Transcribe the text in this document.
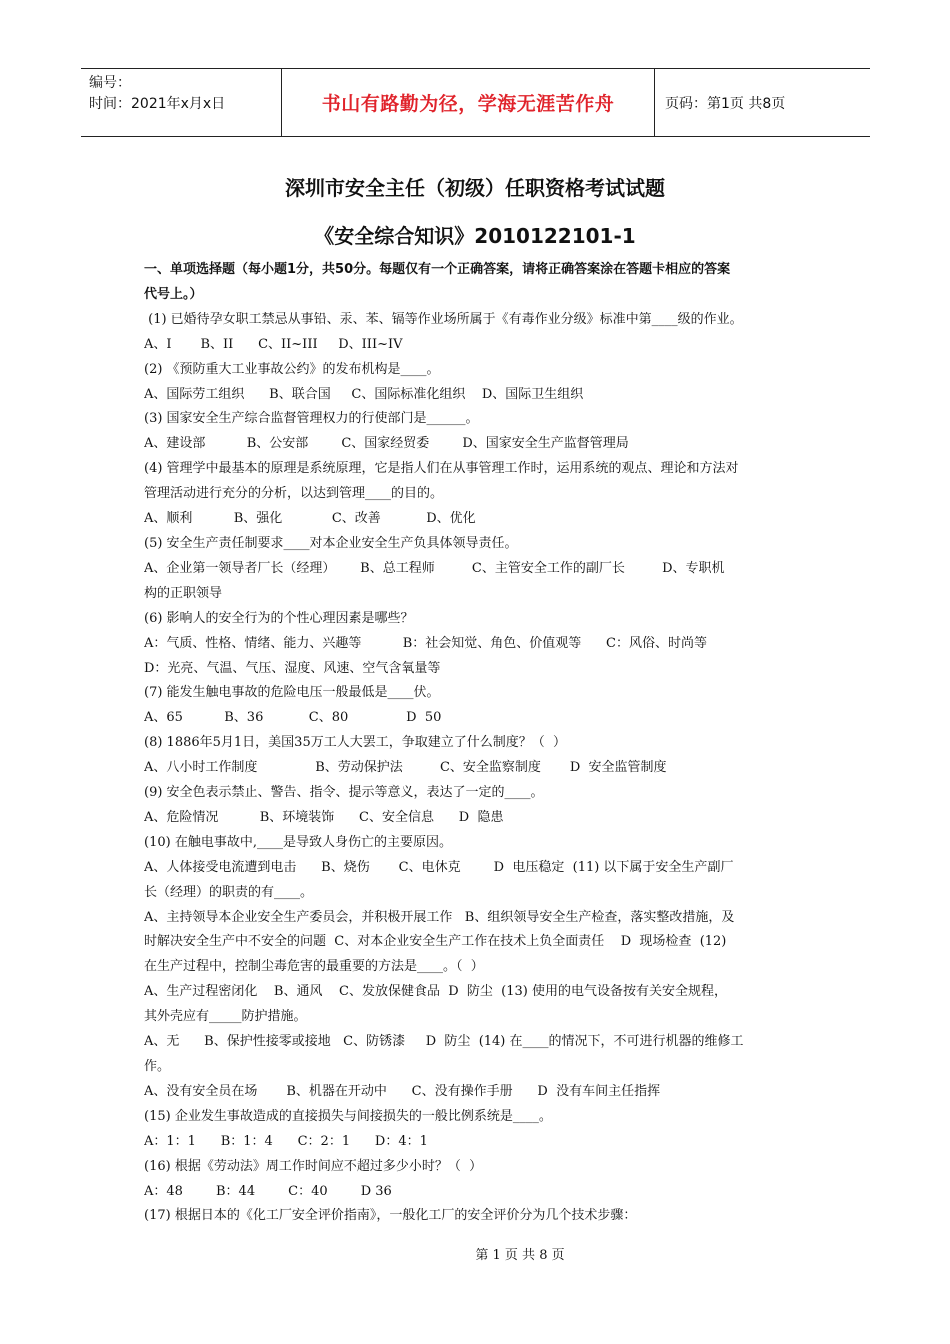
编号：
时间：2021年x月x日	书山有路勤为径，学海无涯苦作舟	页码：第1页 共8页
深圳市安全主任（初级）任职资格考试试题
《安全综合知识》2010122101-1
一、单项选择题（每小题1分，共50分。每题仅有一个正确答案，请将正确答案涂在答题卡相应的答案
代号上。）
(1) 已婚待孕女职工禁忌从事铅、汞、苯、镉等作业场所属于《有毒作业分级》标准中第____级的作业。
A、I       B、II      C、II~III     D、III~IV
(2) 《预防重大工业事故公约》的发布机构是____。
A、国际劳工组织      B、联合国     C、国际标准化组织    D、国际卫生组织
(3) 国家安全生产综合监督管理权力的行使部门是______。
A、建设部          B、公安部        C、国家经贸委        D、国家安全生产监督管理局
(4) 管理学中最基本的原理是系统原理，它是指人们在从事管理工作时，运用系统的观点、理论和方法对
管理活动进行充分的分析，以达到管理____的目的。
A、顺利          B、强化            C、改善           D、优化
(5) 安全生产责任制要求____对本企业安全生产负具体领导责任。
A、企业第一领导者厂长（经理）      B、总工程师         C、主管安全工作的副厂长         D、专职机
构的正职领导
(6) 影响人的安全行为的个性心理因素是哪些？
A：气质、性格、情绪、能力、兴趣等          B：社会知觉、角色、价值观等      C：风俗、时尚等
D：光亮、气温、气压、湿度、风速、空气含氧量等
(7) 能发生触电事故的危险电压一般最低是____伏。
A、65          B、36           C、80              D  50
(8) 1886年5月1日，美国35万工人大罢工，争取建立了什么制度？（  ）
A、八小时工作制度              B、劳动保护法         C、安全监察制度       D  安全监管制度
(9) 安全色表示禁止、警告、指令、提示等意义，表达了一定的____。
A、危险情况          B、环境装饰      C、安全信息      D  隐患
(10) 在触电事故中,____是导致人身伤亡的主要原因。
A、人体接受电流遭到电击      B、烧伤       C、电休克        D  电压稳定  (11) 以下属于安全生产副厂
长（经理）的职责的有____。
A、主持领导本企业安全生产委员会，并积极开展工作   B、组织领导安全生产检查，落实整改措施，及
时解决安全生产中不安全的问题  C、对本企业安全生产工作在技术上负全面责任    D  现场检查  (12)
在生产过程中，控制尘毒危害的最重要的方法是____。（  ）
A、生产过程密闭化    B、通风    C、发放保健食品  D  防尘  (13) 使用的电气设备按有关安全规程，
其外壳应有_____防护措施。
A、无      B、保护性接零或接地   C、防锈漆     D  防尘  (14) 在____的情况下，不可进行机器的维修工
作。
A、没有安全员在场       B、机器在开动中      C、没有操作手册      D  没有车间主任指挥
(15) 企业发生事故造成的直接损失与间接损失的一般比例系统是____。
A：1：1      B：1：4      C：2：1      D：4：1
(16) 根据《劳动法》周工作时间应不超过多少小时？（  ）
A：48        B：44        C：40        D 36
(17) 根据日本的《化工厂安全评价指南》，一般化工厂的安全评价分为几个技术步骤：
第 1 页 共 8 页
